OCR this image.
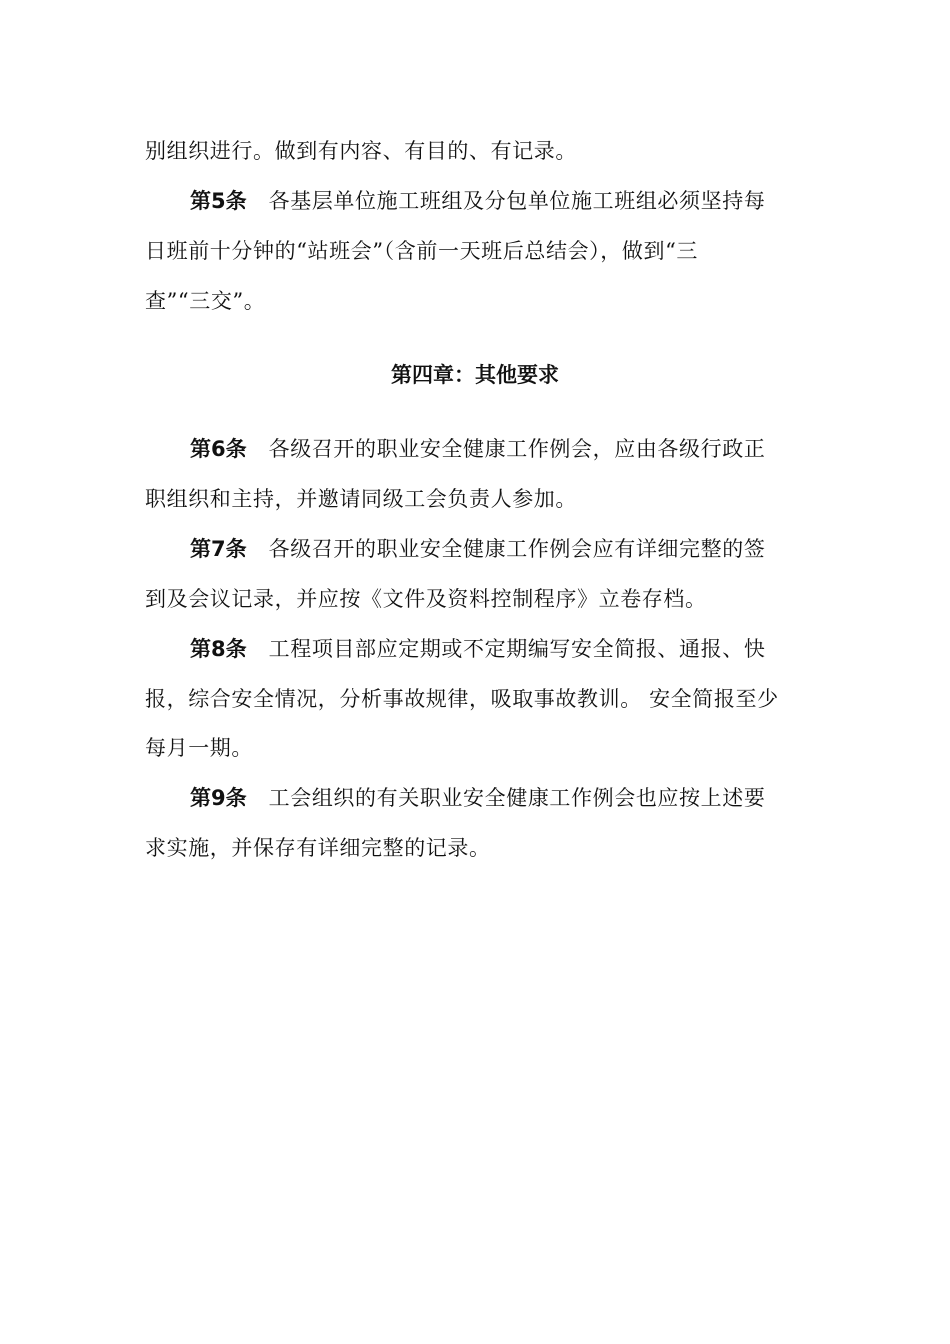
别组织进行。做到有内容、有目的、有记录。
第5条 各基层单位施工班组及分包单位施工班组必须坚持每
日班前十分钟的“站班会”（含前一天班后总结会），做到“三
查”“三交”。
第四章：其他要求
第6条 各级召开的职业安全健康工作例会，应由各级行政正
职组织和主持，并邀请同级工会负责人参加。
第7条 各级召开的职业安全健康工作例会应有详细完整的签
到及会议记录，并应按《文件及资料控制程序》立卷存档。
第8条 工程项目部应定期或不定期编写安全简报、通报、快
报，综合安全情况，分析事故规律，吸取事故教训。 安全简报至少
每月一期。
第9条 工会组织的有关职业安全健康工作例会也应按上述要
求实施，并保存有详细完整的记录。
